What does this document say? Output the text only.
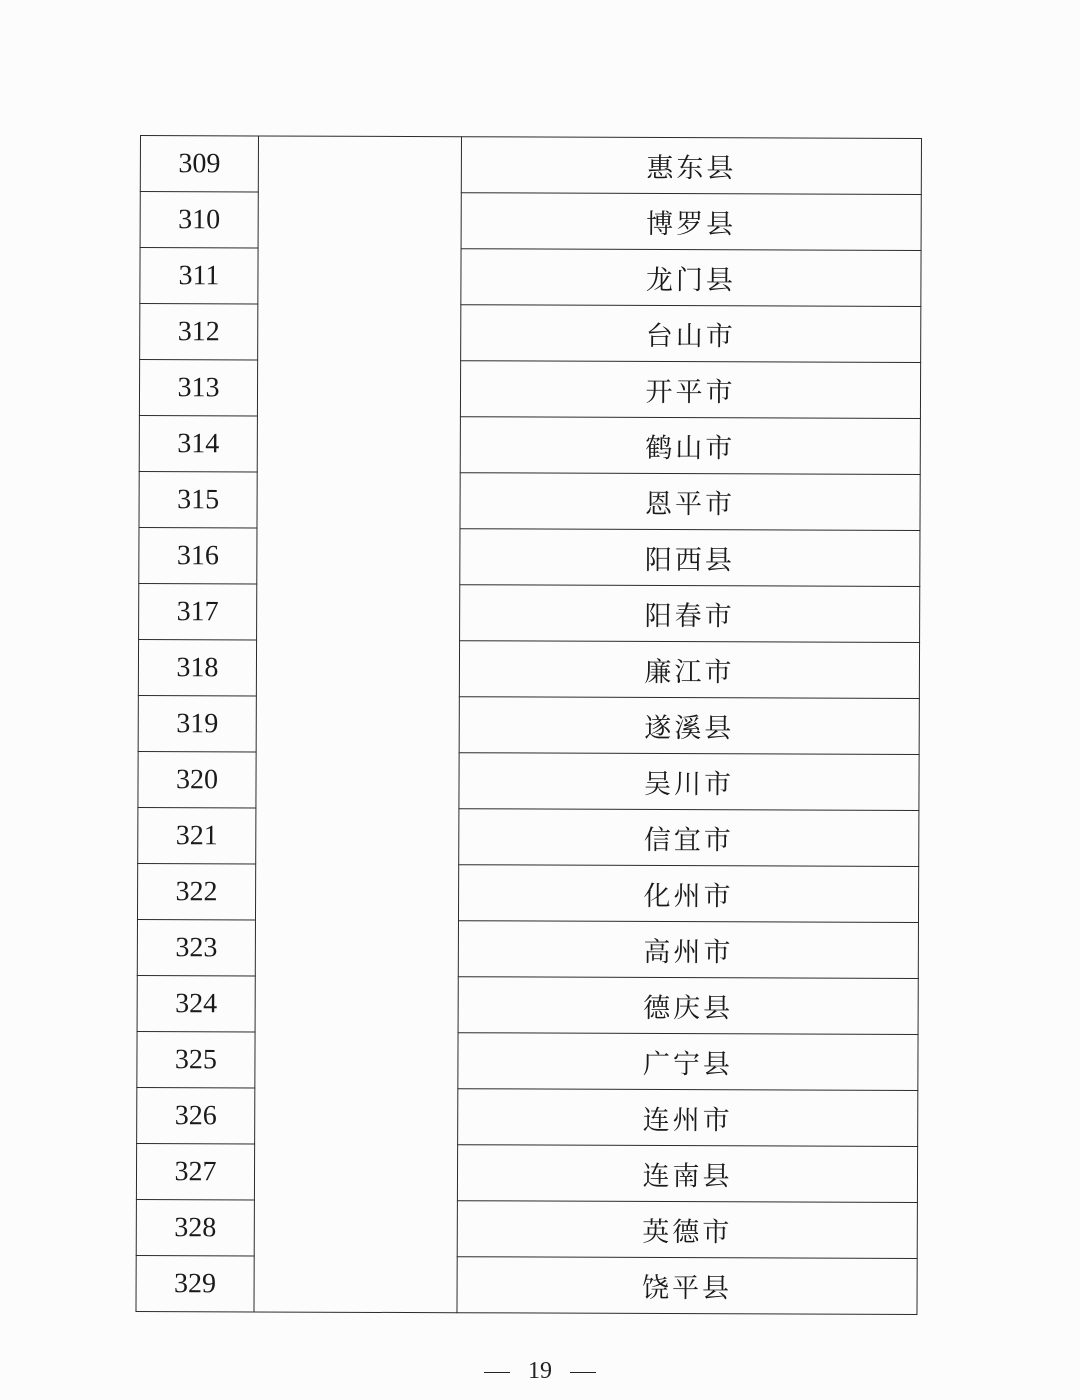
309		惠东县
310		博罗县
311		龙门县
312		台山市
313		开平市
314		鹤山市
315		恩平市
316		阳西县
317		阳春市
318		廉江市
319		遂溪县
320		吴川市
321		信宜市
322		化州市
323		高州市
324		德庆县
325		广宁县
326		连州市
327		连南县
328		英德市
329		饶平县
19
